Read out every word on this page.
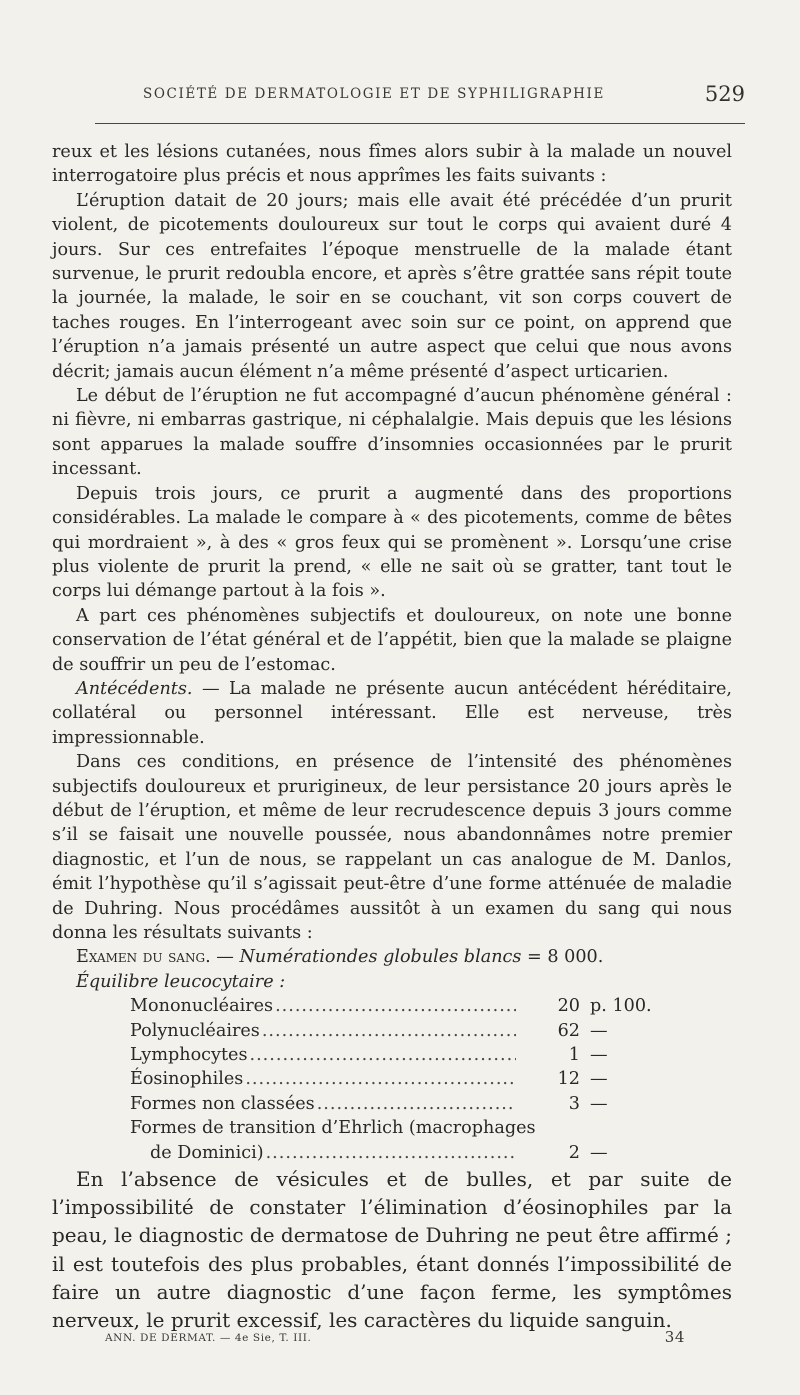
SOCIÉTÉ DE DERMATOLOGIE ET DE SYPHILIGRAPHIE	529

reux et les lésions cutanées, nous fîmes alors subir à la malade un nouvel interrogatoire plus précis et nous apprîmes les faits suivants :

L’éruption datait de 20 jours; mais elle avait été précédée d’un prurit violent, de picotements douloureux sur tout le corps qui avaient duré 4 jours. Sur ces entrefaites l’époque menstruelle de la malade étant survenue, le prurit redoubla encore, et après s’être grattée sans répit toute la journée, la malade, le soir en se couchant, vit son corps couvert de taches rouges. En l’interrogeant avec soin sur ce point, on apprend que l’éruption n’a jamais présenté un autre aspect que celui que nous avons décrit; jamais aucun élément n’a même présenté d’aspect urticarien.

Le début de l’éruption ne fut accompagné d’aucun phénomène général : ni fièvre, ni embarras gastrique, ni céphalalgie. Mais depuis que les lésions sont apparues la malade souffre d’insomnies occasionnées par le prurit incessant.

Depuis trois jours, ce prurit a augmenté dans des proportions considérables. La malade le compare à « des picotements, comme de bêtes qui mordraient », à des « gros feux qui se promènent ». Lorsqu’une crise plus violente de prurit la prend, « elle ne sait où se gratter, tant tout le corps lui démange partout à la fois ».

A part ces phénomènes subjectifs et douloureux, on note une bonne conservation de l’état général et de l’appétit, bien que la malade se plaigne de souffrir un peu de l’estomac.

Antécédents. — La malade ne présente aucun antécédent héréditaire, collatéral ou personnel intéressant. Elle est nerveuse, très impressionnable.

Dans ces conditions, en présence de l’intensité des phénomènes subjectifs douloureux et prurigineux, de leur persistance 20 jours après le début de l’éruption, et même de leur recrudescence depuis 3 jours comme s’il se faisait une nouvelle poussée, nous abandonnâmes notre premier diagnostic, et l’un de nous, se rappelant un cas analogue de M. Danlos, émit l’hypothèse qu’il s’agissait peut-être d’une forme atténuée de maladie de Duhring. Nous procédâmes aussitôt à un examen du sang qui nous donna les résultats suivants :

Examen du sang. — Numérationdes globules blancs = 8 000.

Équilibre leucocytaire :

Mononucléaires .....	20 p. 100.
Polynucléaires .....	62 —
Lymphocytes .....	1 —
Éosinophiles .....	12 —
Formes non classées .....	3 —
Formes de transition d’Ehrlich (macrophages
de Dominici) .....	2 —

En l’absence de vésicules et de bulles, et par suite de l’impossibilité de constater l’élimination d’éosinophiles par la peau, le diagnostic de dermatose de Duhring ne peut être affirmé ; il est toutefois des plus probables, étant donnés l’impossibilité de faire un autre diagnostic d’une façon ferme, les symptômes nerveux, le prurit excessif, les caractères du liquide sanguin.

ANN. DE DERMAT. — 4e Sie, T. III.	34
